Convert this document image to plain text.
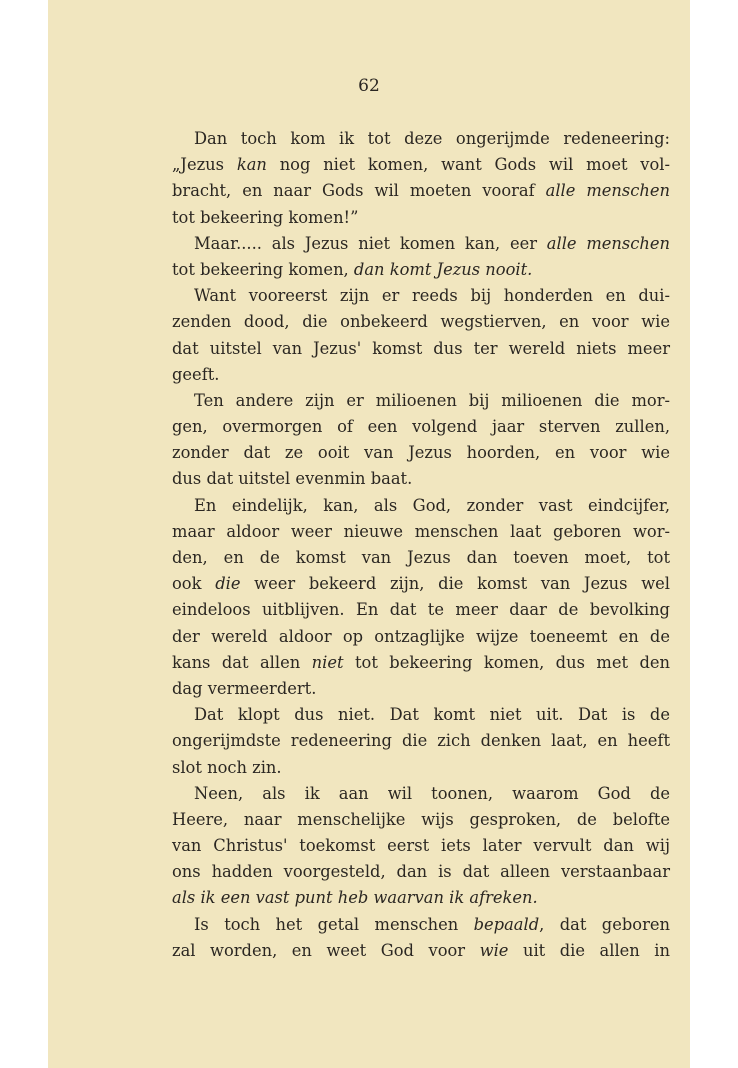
62
Dan toch kom ik tot deze ongerijmde redeneering:
„Jezus kan nog niet komen, want Gods wil moet vol-
bracht, en naar Gods wil moeten vooraf alle menschen
tot bekeering komen!”
Maar..... als Jezus niet komen kan, eer alle menschen
tot bekeering komen, dan komt Jezus nooit.
Want vooreerst zijn er reeds bij honderden en dui-
zenden dood, die onbekeerd wegstierven, en voor wie
dat uitstel van Jezus' komst dus ter wereld niets meer
geeft.
Ten andere zijn er milioenen bij milioenen die mor-
gen, overmorgen of een volgend jaar sterven zullen,
zonder dat ze ooit van Jezus hoorden, en voor wie
dus dat uitstel evenmin baat.
En eindelijk, kan, als God, zonder vast eindcijfer,
maar aldoor weer nieuwe menschen laat geboren wor-
den, en de komst van Jezus dan toeven moet, tot
ook die weer bekeerd zijn, die komst van Jezus wel
eindeloos uitblijven. En dat te meer daar de bevolking
der wereld aldoor op ontzaglijke wijze toeneemt en de
kans dat allen niet tot bekeering komen, dus met den
dag vermeerdert.
Dat klopt dus niet. Dat komt niet uit. Dat is de
ongerijmdste redeneering die zich denken laat, en heeft
slot noch zin.
Neen, als ik aan wil toonen, waarom God de
Heere, naar menschelijke wijs gesproken, de belofte
van Christus' toekomst eerst iets later vervult dan wij
ons hadden voorgesteld, dan is dat alleen verstaanbaar
als ik een vast punt heb waarvan ik afreken.
Is toch het getal menschen bepaald, dat geboren
zal worden, en weet God voor wie uit die allen in
